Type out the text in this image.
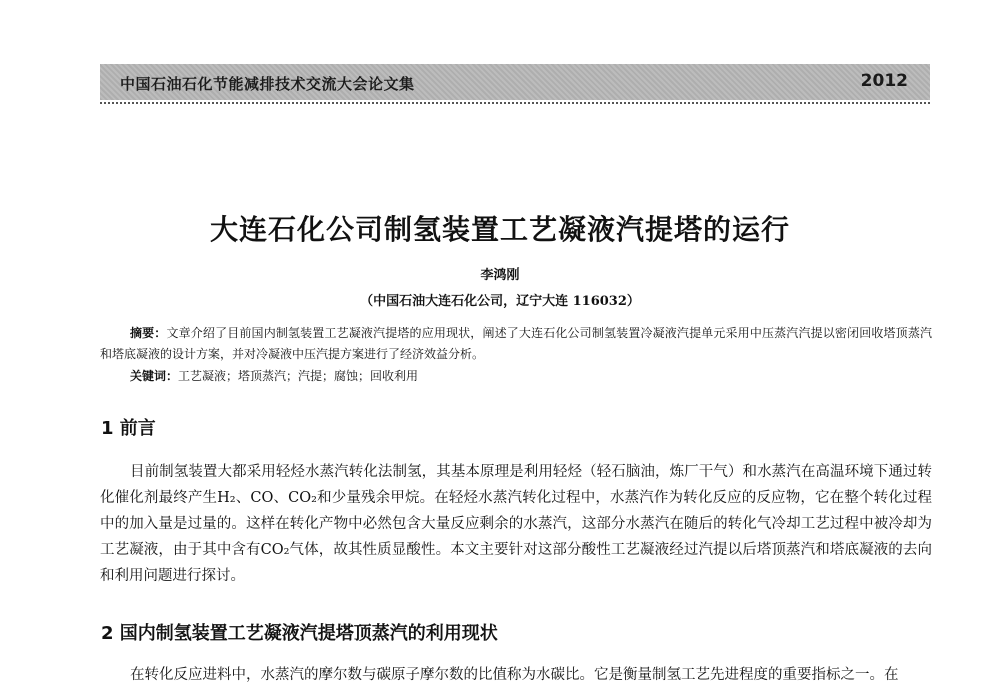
中国石油石化节能减排技术交流大会论文集	2012
大连石化公司制氢装置工艺凝液汽提塔的运行
李鸿刚
（中国石油大连石化公司，辽宁大连 116032）
摘要：文章介绍了目前国内制氢装置工艺凝液汽提塔的应用现状，阐述了大连石化公司制氢装置冷凝液汽提单元采用中压蒸汽汽提以密闭回收塔顶蒸汽和塔底凝液的设计方案，并对冷凝液中压汽提方案进行了经济效益分析。
关键词：工艺凝液；塔顶蒸汽；汽提；腐蚀；回收利用
1 前言
目前制氢装置大都采用轻烃水蒸汽转化法制氢，其基本原理是利用轻烃（轻石脑油，炼厂干气）和水蒸汽在高温环境下通过转化催化剂最终产生H₂、CO、CO₂和少量残余甲烷。在轻烃水蒸汽转化过程中，水蒸汽作为转化反应的反应物，它在整个转化过程中的加入量是过量的。这样在转化产物中必然包含大量反应剩余的水蒸汽，这部分水蒸汽在随后的转化气冷却工艺过程中被冷却为工艺凝液，由于其中含有CO₂气体，故其性质显酸性。本文主要针对这部分酸性工艺凝液经过汽提以后塔顶蒸汽和塔底凝液的去向和利用问题进行探讨。
2 国内制氢装置工艺凝液汽提塔顶蒸汽的利用现状
在转化反应进料中，水蒸汽的摩尔数与碳原子摩尔数的比值称为水碳比。它是衡量制氢工艺先进程度的重要指标之一。在
